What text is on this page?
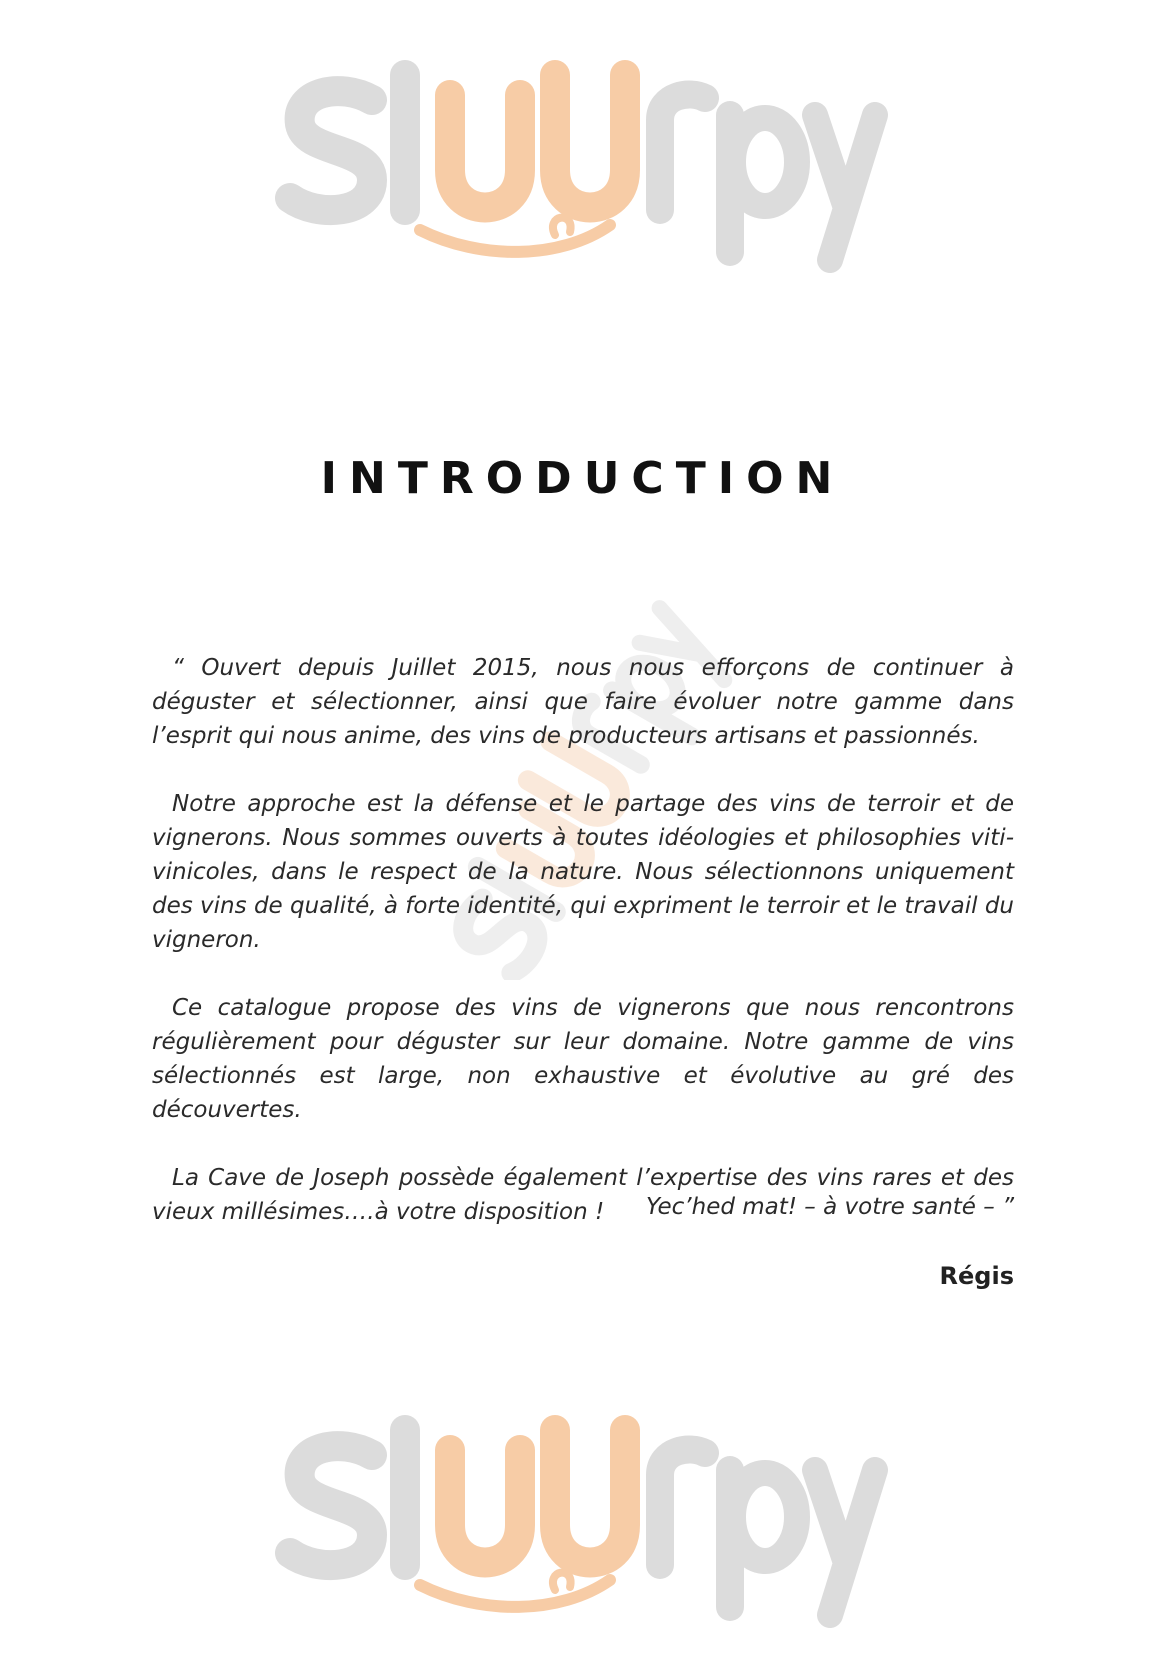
INTRODUCTION

“ Ouvert depuis Juillet 2015, nous nous efforçons de continuer à déguster et sélectionner, ainsi que faire évoluer notre gamme dans l’esprit qui nous anime, des vins de producteurs artisans et passionnés.

Notre approche est la défense et le partage des vins de terroir et de vignerons. Nous sommes ouverts à toutes idéologies et philosophies viti-vinicoles, dans le respect de la nature. Nous sélectionnons uniquement des vins de qualité, à forte identité, qui expriment le terroir et le travail du vigneron.

Ce catalogue propose des vins de vignerons que nous rencontrons régulièrement pour déguster sur leur domaine. Notre gamme de vins sélectionnés est large, non exhaustive et évolutive au gré des découvertes.

La Cave de Joseph possède également l’expertise des vins rares et des vieux millésimes….à votre disposition !	Yec’hed mat! – à votre santé – ”

Régis
